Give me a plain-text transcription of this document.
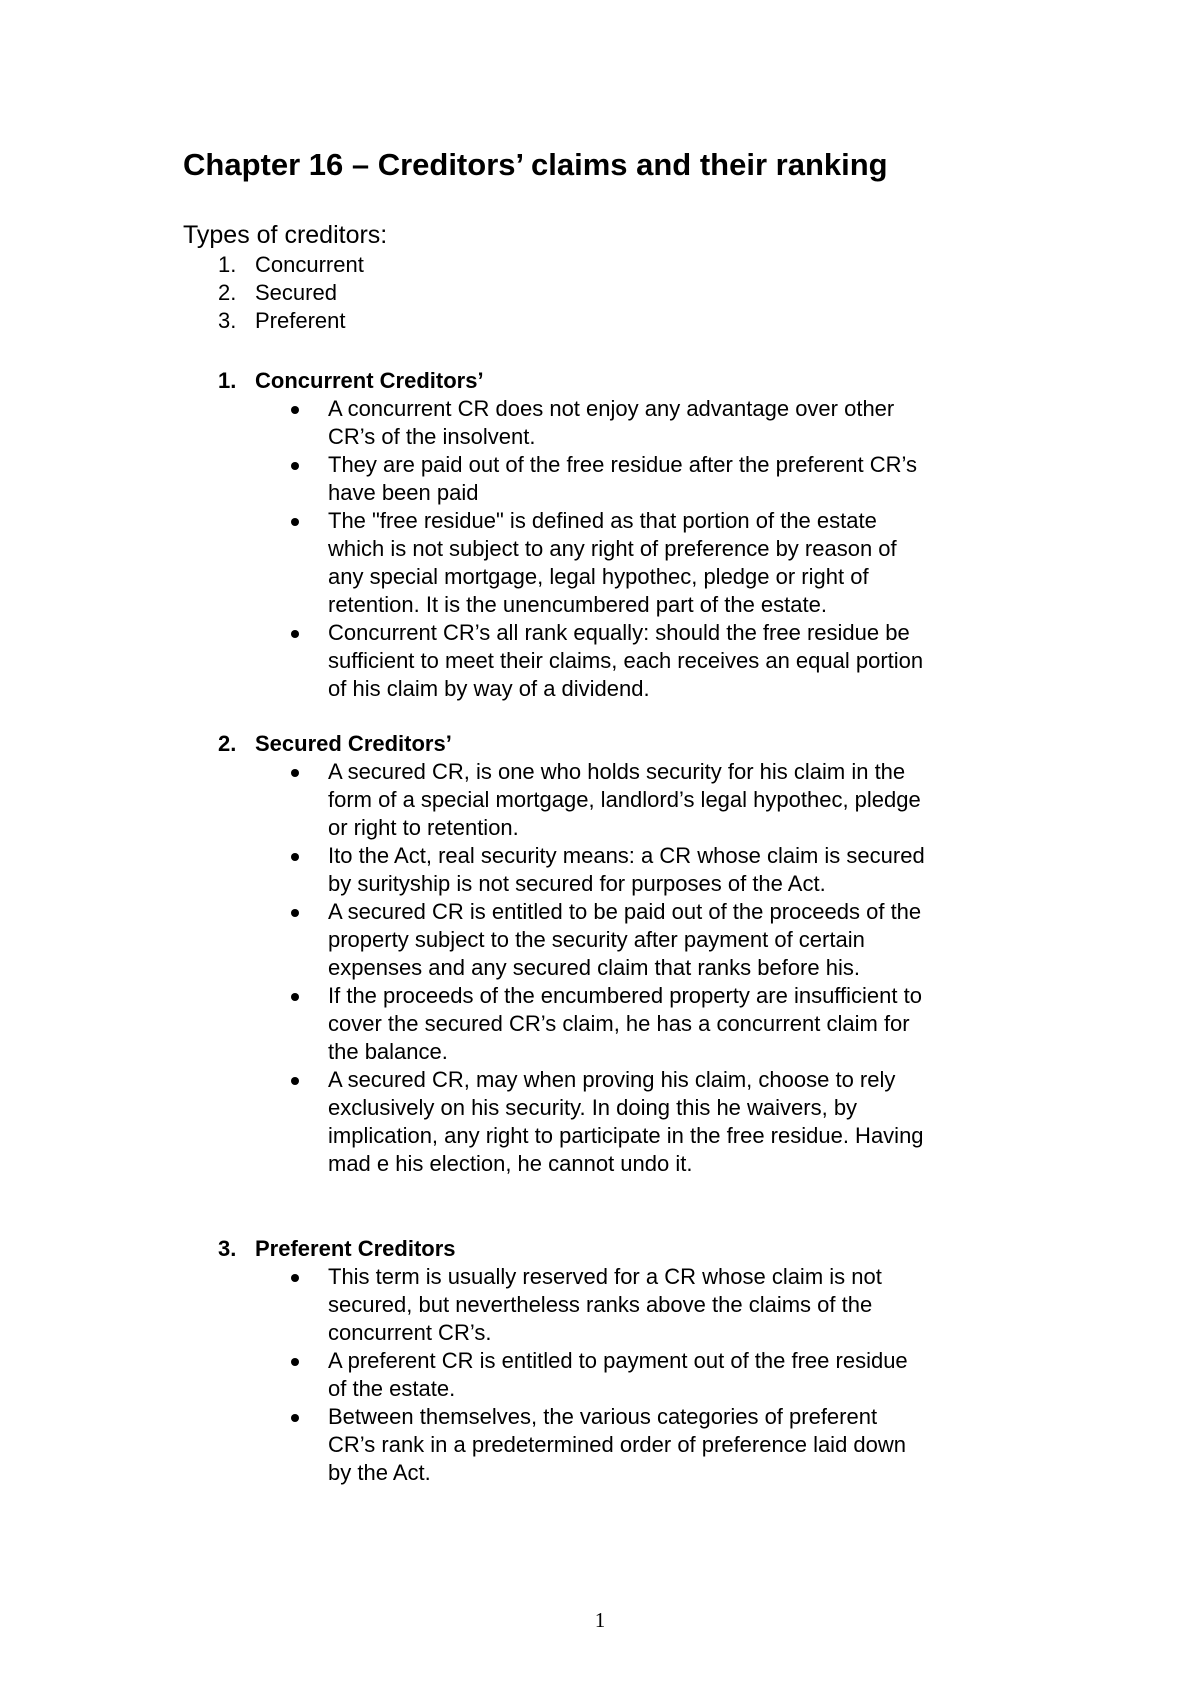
Chapter 16 – Creditors’ claims and their ranking
Types of creditors:
1. Concurrent
2. Secured
3. Preferent
1. Concurrent Creditors’
A concurrent CR does not enjoy any advantage over other CR’s of the insolvent.
They are paid out of the free residue after the preferent CR’s have been paid
The "free residue" is defined as that portion of the estate which is not subject to any right of preference by reason of any special mortgage, legal hypothec, pledge or right of retention. It is the unencumbered part of the estate.
Concurrent CR’s all rank equally: should the free residue be sufficient to meet their claims, each receives an equal portion of his claim by way of a dividend.
2. Secured Creditors’
A secured CR, is one who holds security for his claim in the form of a special mortgage, landlord’s legal hypothec, pledge or right to retention.
Ito the Act, real security means: a CR whose claim is secured by surityship is not secured for purposes of the Act.
A secured CR is entitled to be paid out of the proceeds of the property subject to the security after payment of certain expenses and any secured claim that ranks before his.
If the proceeds of the encumbered property are insufficient to cover the secured CR’s claim, he has a concurrent claim for the balance.
A secured CR, may when proving his claim, choose to rely exclusively on his security. In doing this he waivers, by implication, any right to participate in the free residue. Having mad e his election, he cannot undo it.
3. Preferent Creditors
This term is usually reserved for a CR whose claim is not secured, but nevertheless ranks above the claims of the concurrent CR’s.
A preferent CR is entitled to payment out of the free residue of the estate.
Between themselves, the various categories of preferent CR’s rank in a predetermined order of preference laid down by the Act.
1
